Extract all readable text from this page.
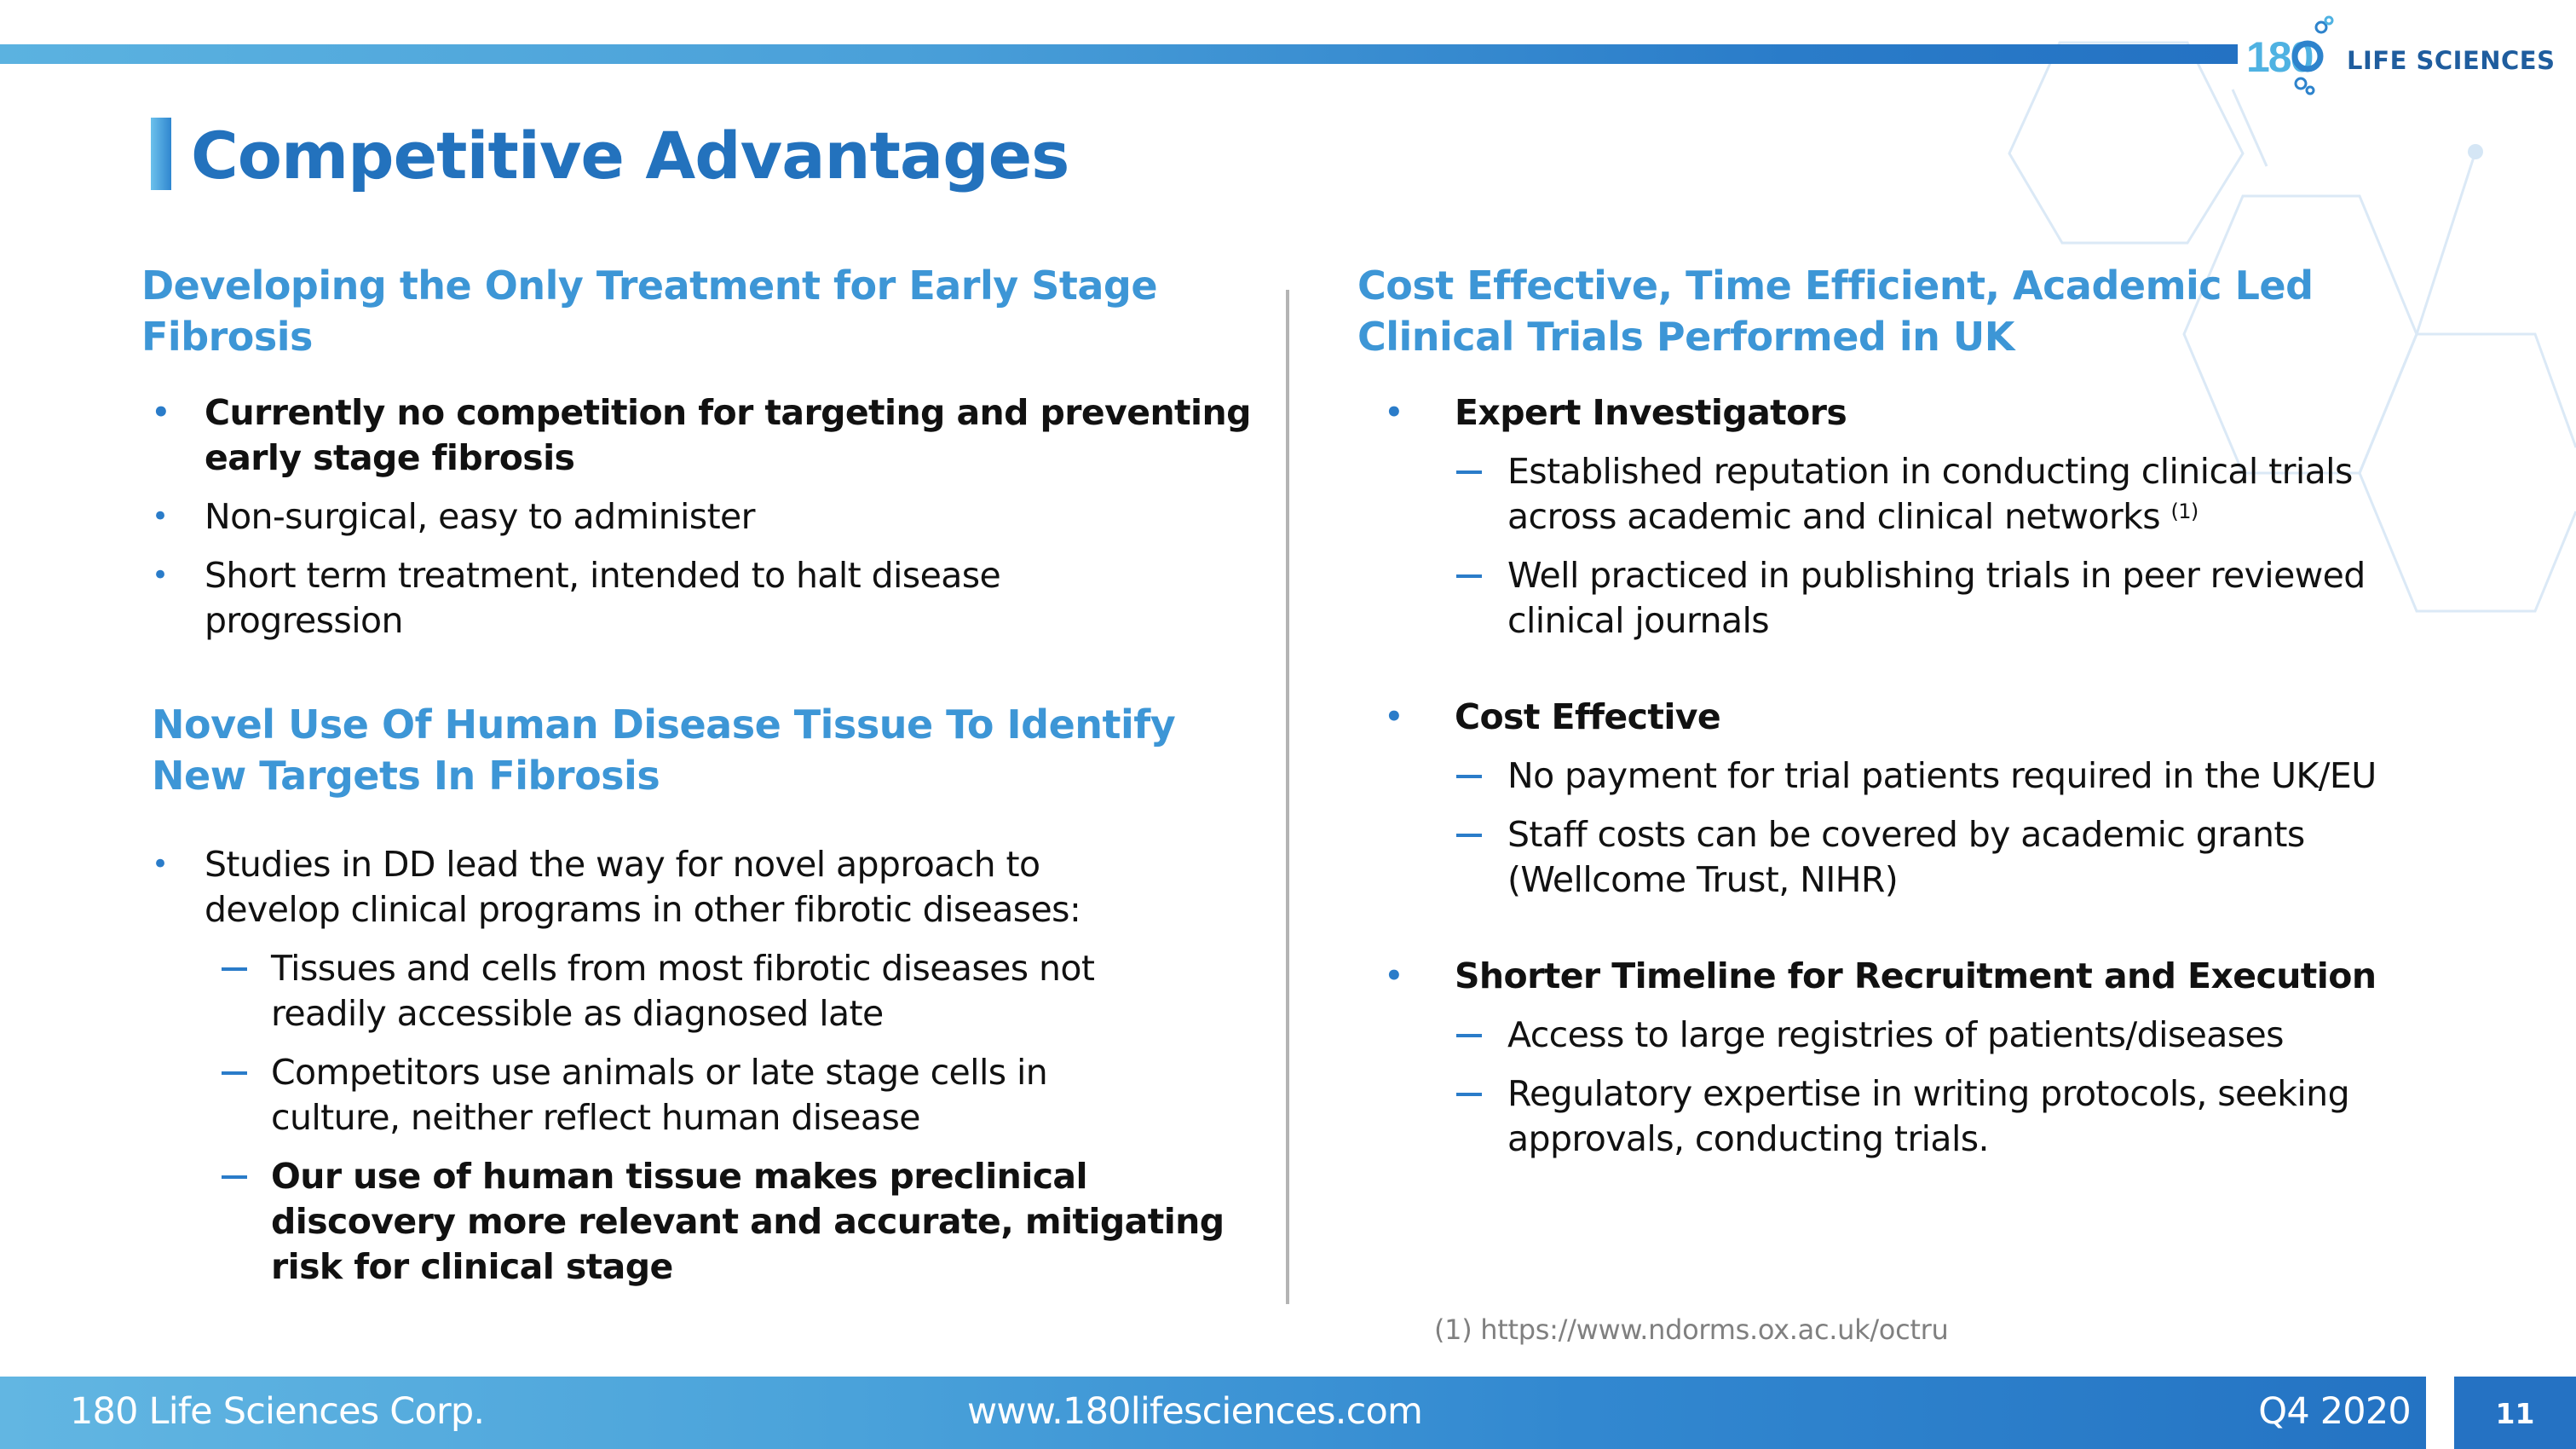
180 LIFE SCIENCES
Competitive Advantages
Developing the Only Treatment for Early Stage
Fibrosis
• Currently no competition for targeting and preventing
early stage fibrosis
• Non-surgical, easy to administer
• Short term treatment, intended to halt disease
progression
Novel Use Of Human Disease Tissue To Identify
New Targets In Fibrosis
• Studies in DD lead the way for novel approach to
develop clinical programs in other fibrotic diseases:
Tissues and cells from most fibrotic diseases not
readily accessible as diagnosed late
Competitors use animals or late stage cells in
culture, neither reflect human disease
Our use of human tissue makes preclinical
discovery more relevant and accurate, mitigating
risk for clinical stage
Cost Effective, Time Efficient, Academic Led
Clinical Trials Performed in UK
• Expert Investigators
Established reputation in conducting clinical trials
across academic and clinical networks $^{(1)}$
Well practiced in publishing trials in peer reviewed
clinical journals
• Cost Effective
No payment for trial patients required in the UK/EU
Staff costs can be covered by academic grants
(Wellcome Trust, NIHR)
• Shorter Timeline for Recruitment and Execution
Access to large registries of patients/diseases
Regulatory expertise in writing protocols, seeking
approvals, conducting trials.
(1) https://www.ndorms.ox.ac.uk/octru
180 Life Sciences Corp.	www.180lifesciences.com	Q4 2020	11
